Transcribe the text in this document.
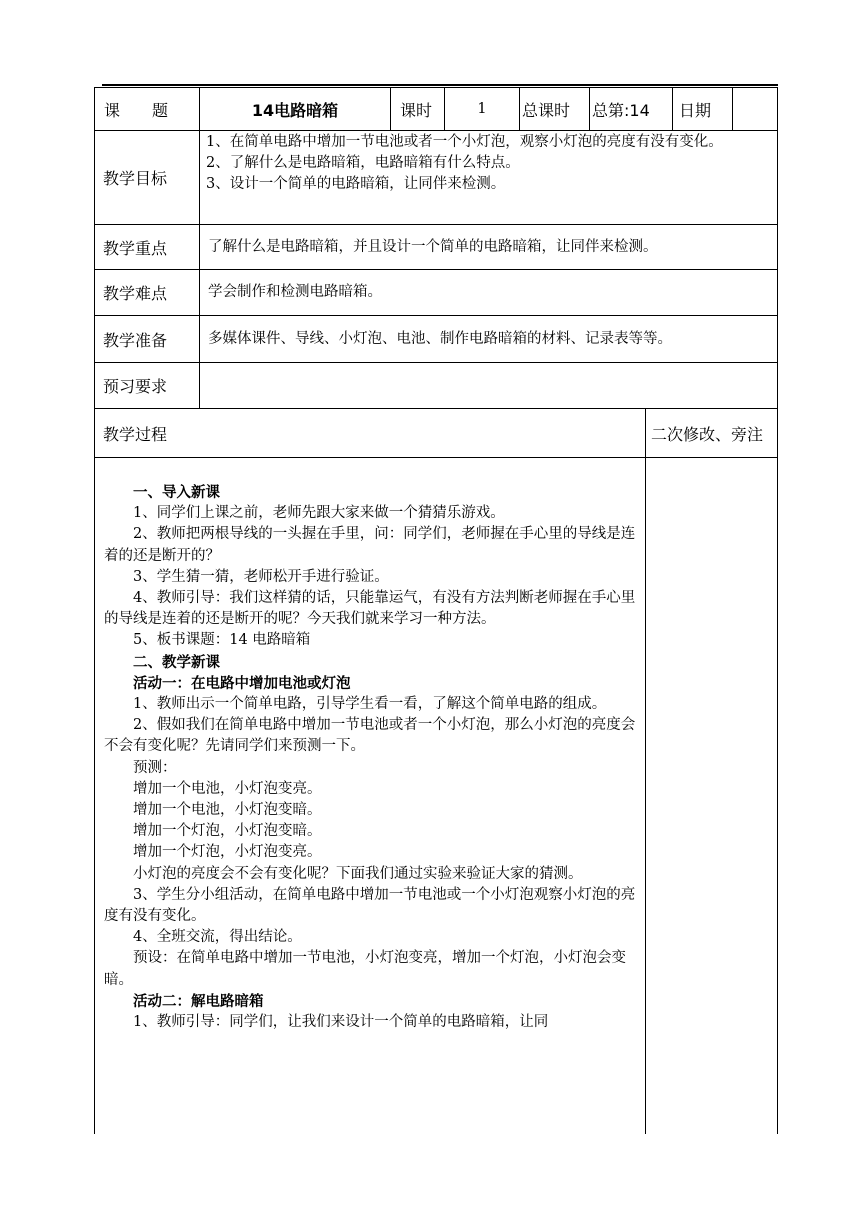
课　　题	14电路暗箱	课时	1	总课时	总第:14	日期
教学目标
1、在简单电路中增加一节电池或者一个小灯泡，观察小灯泡的亮度有没有变化。
2、了解什么是电路暗箱，电路暗箱有什么特点。
3、设计一个简单的电路暗箱，让同伴来检测。
教学重点	了解什么是电路暗箱，并且设计一个简单的电路暗箱，让同伴来检测。
教学难点	学会制作和检测电路暗箱。
教学准备	多媒体课件、导线、小灯泡、电池、制作电路暗箱的材料、记录表等等。
预习要求
教学过程	二次修改、旁注

一、导入新课

1、同学们上课之前，老师先跟大家来做一个猜猜乐游戏。

2、教师把两根导线的一头握在手里，问：同学们，老师握在手心里的导线是连着的还是断开的？

3、学生猜一猜，老师松开手进行验证。

4、教师引导：我们这样猜的话，只能靠运气，有没有方法判断老师握在手心里的导线是连着的还是断开的呢？今天我们就来学习一种方法。

5、板书课题：14 电路暗箱

二、教学新课

活动一：在电路中增加电池或灯泡

1、教师出示一个简单电路，引导学生看一看，了解这个简单电路的组成。

2、假如我们在简单电路中增加一节电池或者一个小灯泡，那么小灯泡的亮度会不会有变化呢？先请同学们来预测一下。

预测：

增加一个电池，小灯泡变亮。

增加一个电池，小灯泡变暗。

增加一个灯泡，小灯泡变暗。

增加一个灯泡，小灯泡变亮。

小灯泡的亮度会不会有变化呢？下面我们通过实验来验证大家的猜测。

3、学生分小组活动，在简单电路中增加一节电池或一个小灯泡观察小灯泡的亮度有没有变化。

4、全班交流，得出结论。

预设：在简单电路中增加一节电池，小灯泡变亮，增加一个灯泡，小灯泡会变暗。

活动二：解电路暗箱

1、教师引导：同学们，让我们来设计一个简单的电路暗箱，让同
